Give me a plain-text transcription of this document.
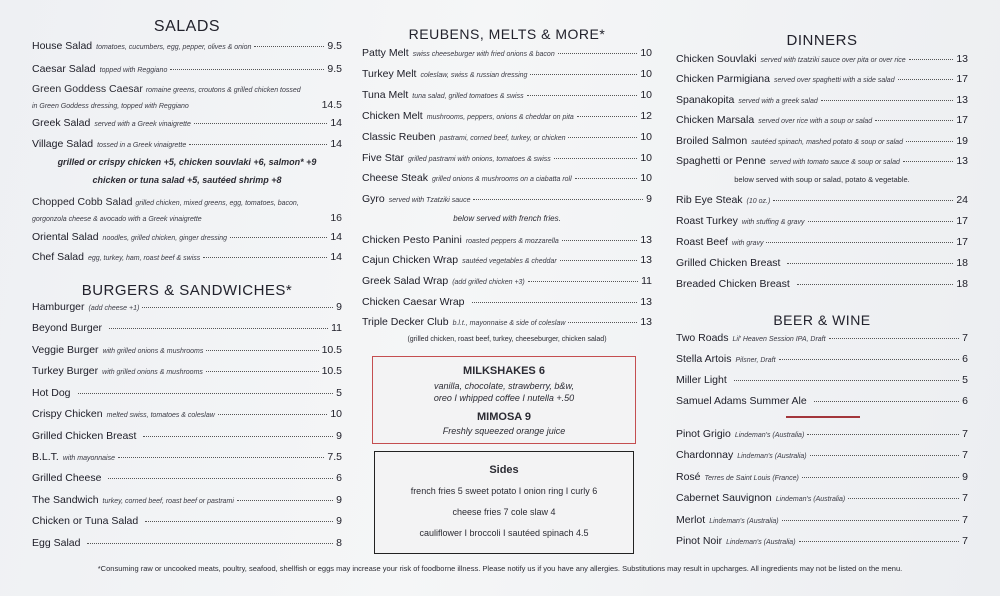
SALADS
House Salad tomatoes, cucumbers, egg, pepper, olives & onion	9.5
Caesar Salad topped with Reggiano	9.5
Green Goddess Caesar romaine greens, croutons & grilled chicken tossed
in Green Goddess dressing, topped with Reggiano	14.5
Greek Salad served with a Greek vinaigrette	14
Village Salad tossed in a Greek vinaigrette	14
grilled or crispy chicken +5, chicken souvlaki +6, salmon* +9
chicken or tuna salad +5, sautéed shrimp +8
Chopped Cobb Salad grilled chicken, mixed greens, egg, tomatoes, bacon,
gorgonzola cheese & avocado with a Greek vinaigrette	16
Oriental Salad noodles, grilled chicken, ginger dressing	14
Chef Salad egg, turkey, ham, roast beef & swiss	14
BURGERS & SANDWICHES*
Hamburger (add cheese +1)	9
Beyond Burger	11
Veggie Burger with grilled onions & mushrooms	10.5
Turkey Burger with grilled onions & mushrooms	10.5
Hot Dog	5
Crispy Chicken melted swiss, tomatoes & coleslaw	10
Grilled Chicken Breast	9
B.L.T. with mayonnaise	7.5
Grilled Cheese	6
The Sandwich turkey, corned beef, roast beef or pastrami	9
Chicken or Tuna Salad	9
Egg Salad	8
REUBENS, MELTS & MORE*
Patty Melt swiss cheeseburger with fried onions & bacon	10
Turkey Melt coleslaw, swiss & russian dressing	10
Tuna Melt tuna salad, grilled tomatoes & swiss	10
Chicken Melt mushrooms, peppers, onions & cheddar on pita	12
Classic Reuben pastrami, corned beef, turkey, or chicken	10
Five Star grilled pastrami with onions, tomatoes & swiss	10
Cheese Steak grilled onions & mushrooms on a ciabatta roll	10
Gyro served with Tzatziki sauce	9
below served with french fries.
Chicken Pesto Panini roasted peppers & mozzarella	13
Cajun Chicken Wrap sautéed vegetables & cheddar	13
Greek Salad Wrap (add grilled chicken +3)	11
Chicken Caesar Wrap	13
Triple Decker Club b.l.t., mayonnaise & side of coleslaw	13
(grilled chicken, roast beef, turkey, cheeseburger, chicken salad)
MILKSHAKES 6
vanilla, chocolate, strawberry, b&w,
oreo I whipped coffee I nutella +.50
MIMOSA 9
Freshly squeezed orange juice
Sides
french fries 5 sweet potato I onion ring I curly 6
cheese fries 7 cole slaw 4
cauliflower I broccoli I sautéed spinach 4.5
DINNERS
Chicken Souvlaki served with tzatziki sauce over pita or over rice	13
Chicken Parmigiana served over spaghetti with a side salad	17
Spanakopita served with a greek salad	13
Chicken Marsala served over rice with a soup or salad	17
Broiled Salmon sautéed spinach, mashed potato & soup or salad	19
Spaghetti or Penne served with tomato sauce & soup or salad	13
below served with soup or salad, potato & vegetable.
Rib Eye Steak (10 oz.)	24
Roast Turkey with stuffing & gravy	17
Roast Beef with gravy	17
Grilled Chicken Breast	18
Breaded Chicken Breast	18
BEER & WINE
Two Roads Lil' Heaven Session IPA, Draft	7
Stella Artois Pilsner, Draft	6
Miller Light	5
Samuel Adams Summer Ale	6
Pinot Grigio Lindeman's (Australia)	7
Chardonnay Lindeman's (Australia)	7
Rosé Terres de Saint Louis (France)	9
Cabernet Sauvignon Lindeman's (Australia)	7
Merlot Lindeman's (Australia)	7
Pinot Noir Lindeman's (Australia)	7
*Consuming raw or uncooked meats, poultry, seafood, shellfish or eggs may increase your risk of foodborne illness. Please notify us if you have any allergies. Substitutions may result in upcharges. All ingredients may not be listed on the menu.
